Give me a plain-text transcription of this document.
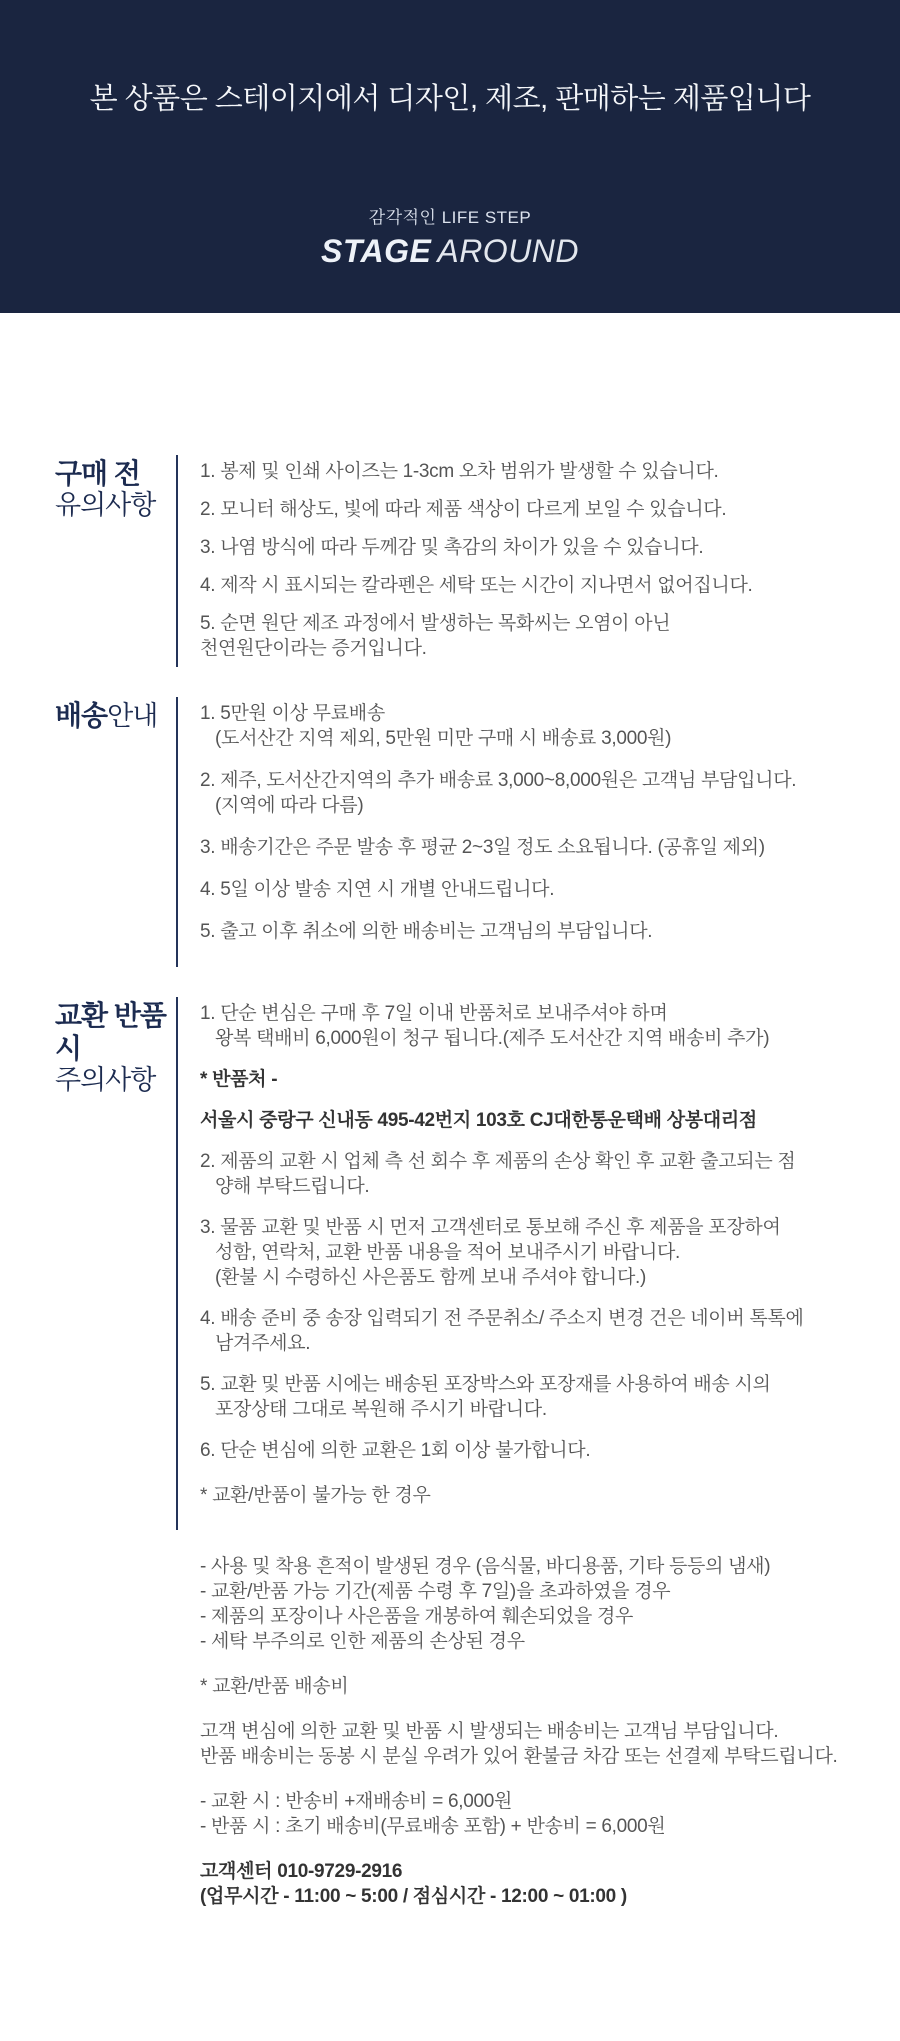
본 상품은 스테이지에서 디자인, 제조, 판매하는 제품입니다
감각적인 LIFE STEP
STAGE AROUND
구매 전
유의사항

1. 봉제 및 인쇄 사이즈는 1-3cm 오차 범위가 발생할 수 있습니다.

2. 모니터 해상도, 빛에 따라 제품 색상이 다르게 보일 수 있습니다.

3. 나염 방식에 따라 두께감 및 촉감의 차이가 있을 수 있습니다.

4. 제작 시 표시되는 칼라펜은 세탁 또는 시간이 지나면서 없어집니다.

5. 순면 원단 제조 과정에서 발생하는 목화씨는 오염이 아닌
천연원단이라는 증거입니다.

배송안내	1. 5만원 이상 무료배송
(도서산간 지역 제외, 5만원 미만 구매 시 배송료 3,000원)

2. 제주, 도서산간지역의 추가 배송료 3,000~8,000원은 고객님 부담입니다.
(지역에 따라 다름)

3. 배송기간은 주문 발송 후 평균 2~3일 정도 소요됩니다. (공휴일 제외)

4. 5일 이상 발송 지연 시 개별 안내드립니다.

5. 출고 이후 취소에 의한 배송비는 고객님의 부담입니다.

교환 반품 시
주의사항

1. 단순 변심은 구매 후 7일 이내 반품처로 보내주셔야 하며
왕복 택배비 6,000원이 청구 됩니다.(제주 도서산간 지역 배송비 추가)

* 반품처 -

서울시 중랑구 신내동 495-42번지 103호 CJ대한통운택배 상봉대리점

2. 제품의 교환 시 업체 측 선 회수 후 제품의 손상 확인 후 교환 출고되는 점
양해 부탁드립니다.

3. 물품 교환 및 반품 시 먼저 고객센터로 통보해 주신 후 제품을 포장하여
성함, 연락처, 교환 반품 내용을 적어 보내주시기 바랍니다.
(환불 시 수령하신 사은품도 함께 보내 주셔야 합니다.)

4. 배송 준비 중 송장 입력되기 전 주문취소/ 주소지 변경 건은 네이버 톡톡에
남겨주세요.

5. 교환 및 반품 시에는 배송된 포장박스와 포장재를 사용하여 배송 시의
포장상태 그대로 복원해 주시기 바랍니다.

6. 단순 변심에 의한 교환은 1회 이상 불가합니다.

* 교환/반품이 불가능 한 경우

- 사용 및 착용 흔적이 발생된 경우 (음식물, 바디용품, 기타 등등의 냄새)
- 교환/반품 가능 기간(제품 수령 후 7일)을 초과하였을 경우
- 제품의 포장이나 사은품을 개봉하여 훼손되었을 경우
- 세탁 부주의로 인한 제품의 손상된 경우

* 교환/반품 배송비

고객 변심에 의한 교환 및 반품 시 발생되는 배송비는 고객님 부담입니다.
반품 배송비는 동봉 시 분실 우려가 있어 환불금 차감 또는 선결제 부탁드립니다.

- 교환 시 : 반송비 +재배송비 = 6,000원
- 반품 시 : 초기 배송비(무료배송 포함) + 반송비 = 6,000원

고객센터 010-9729-2916
(업무시간 - 11:00 ~ 5:00 / 점심시간 - 12:00 ~ 01:00 )
